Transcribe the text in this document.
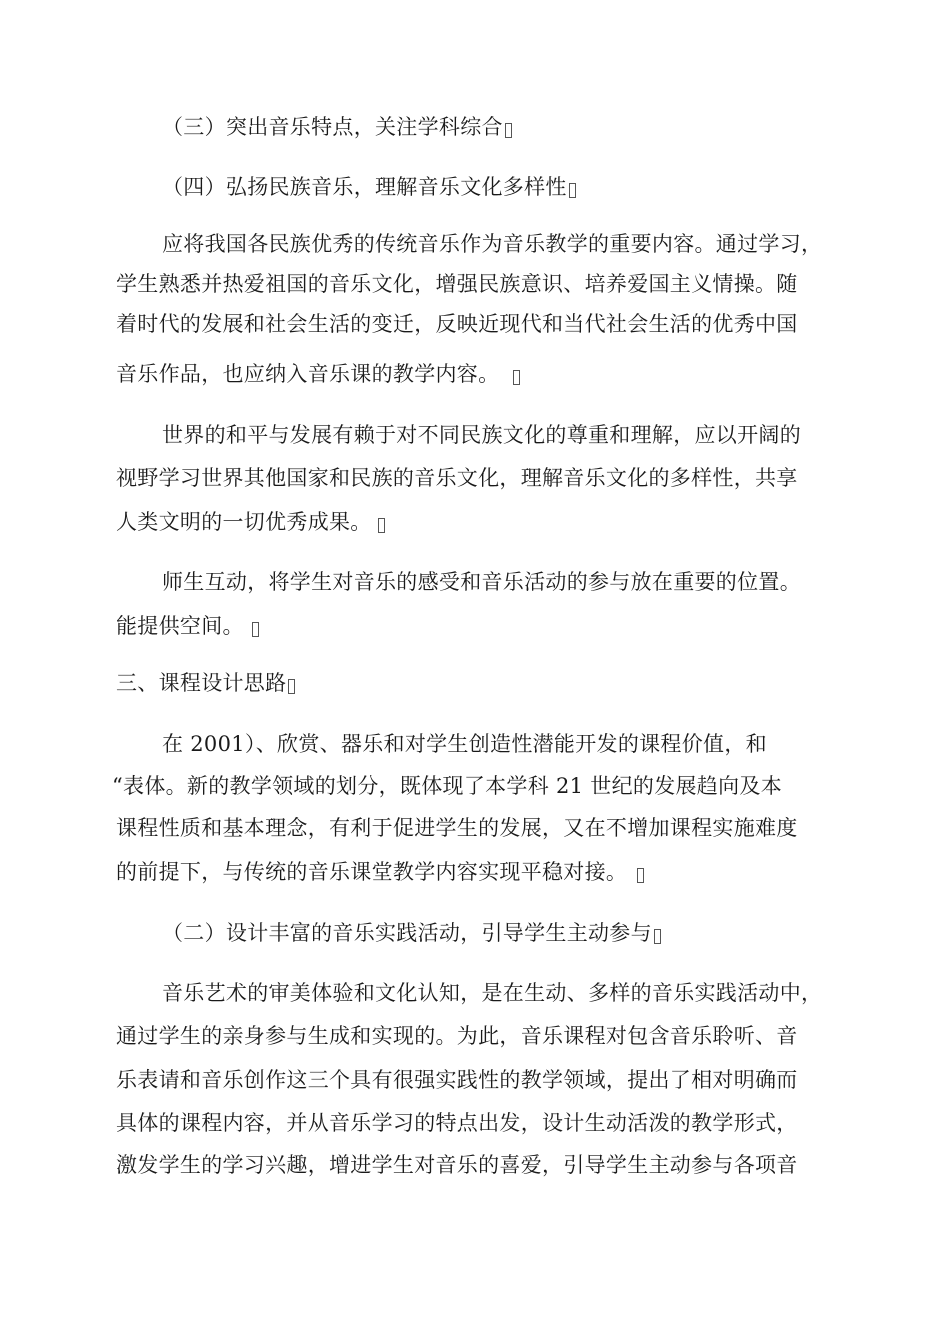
（三）突出音乐特点，关注学科综合
（四）弘扬民族音乐，理解音乐文化多样性
应将我国各民族优秀的传统音乐作为音乐教学的重要内容。通过学习，
学生熟悉并热爱祖国的音乐文化，增强民族意识、培养爱国主义情操。随
着时代的发展和社会生活的变迁，反映近现代和当代社会生活的优秀中国
音乐作品，也应纳入音乐课的教学内容。
世界的和平与发展有赖于对不同民族文化的尊重和理解，应以开阔的
视野学习世界其他国家和民族的音乐文化，理解音乐文化的多样性，共享
人类文明的一切优秀成果。
师生互动，将学生对音乐的感受和音乐活动的参与放在重要的位置。
能提供空间。
三、课程设计思路
在 2001）、欣赏、器乐和对学生创造性潜能开发的课程价值，和
“表体。新的教学领域的划分，既体现了本学科 21 世纪的发展趋向及本
课程性质和基本理念，有利于促进学生的发展，又在不增加课程实施难度
的前提下，与传统的音乐课堂教学内容实现平稳对接。
（二）设计丰富的音乐实践活动，引导学生主动参与
音乐艺术的审美体验和文化认知，是在生动、多样的音乐实践活动中，
通过学生的亲身参与生成和实现的。为此，音乐课程对包含音乐聆听、音
乐表请和音乐创作这三个具有很强实践性的教学领域，提出了相对明确而
具体的课程内容，并从音乐学习的特点出发，设计生动活泼的教学形式，
激发学生的学习兴趣，增进学生对音乐的喜爱，引导学生主动参与各项音
